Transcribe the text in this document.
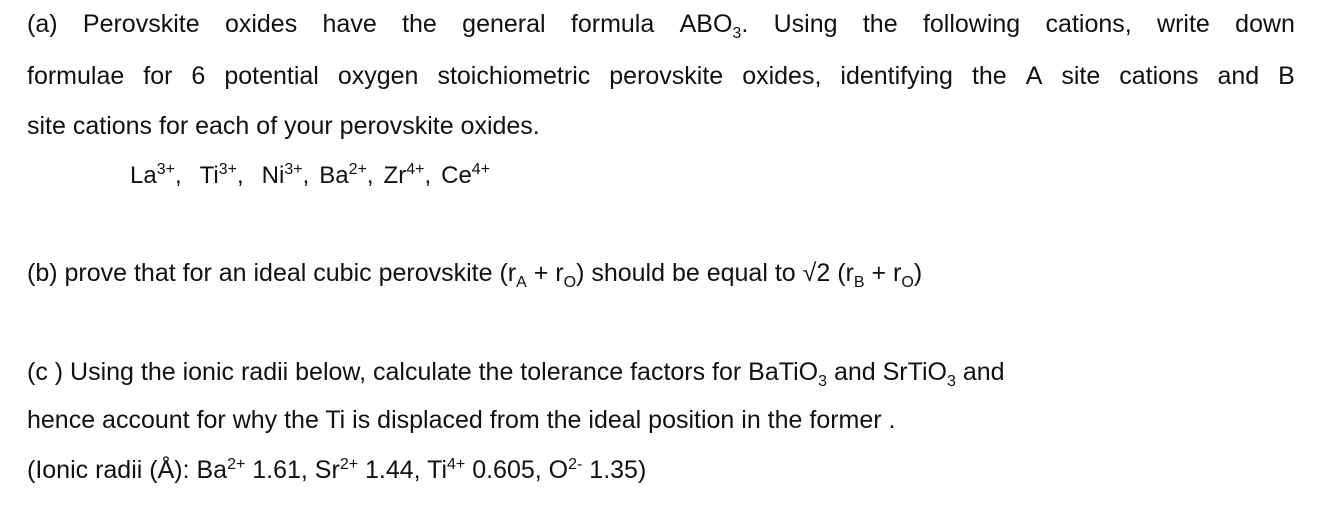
(a) Perovskite oxides have the general formula $ABO_3$. Using the following cations, write down
formulae for 6 potential oxygen stoichiometric perovskite oxides, identifying the A site cations and B
site cations for each of your perovskite oxides.
$La^{3+}$, $Ti^{3+}$, $Ni^{3+}$, $Ba^{2+}$, $Zr^{4+}$, $Ce^{4+}$
(b) prove that for an ideal cubic perovskite $(r_A + r_O)$ should be equal to √2 $(r_B + r_O)$
(c ) Using the ionic radii below, calculate the tolerance factors for BaTiO$_3$ and SrTiO$_3$ and
hence account for why the Ti is displaced from the ideal position in the former .
(Ionic radii (Å): $Ba^{2+}$ 1.61, $Sr^{2+}$ 1.44, $Ti^{4+}$ 0.605, $O^{2-}$ 1.35)
